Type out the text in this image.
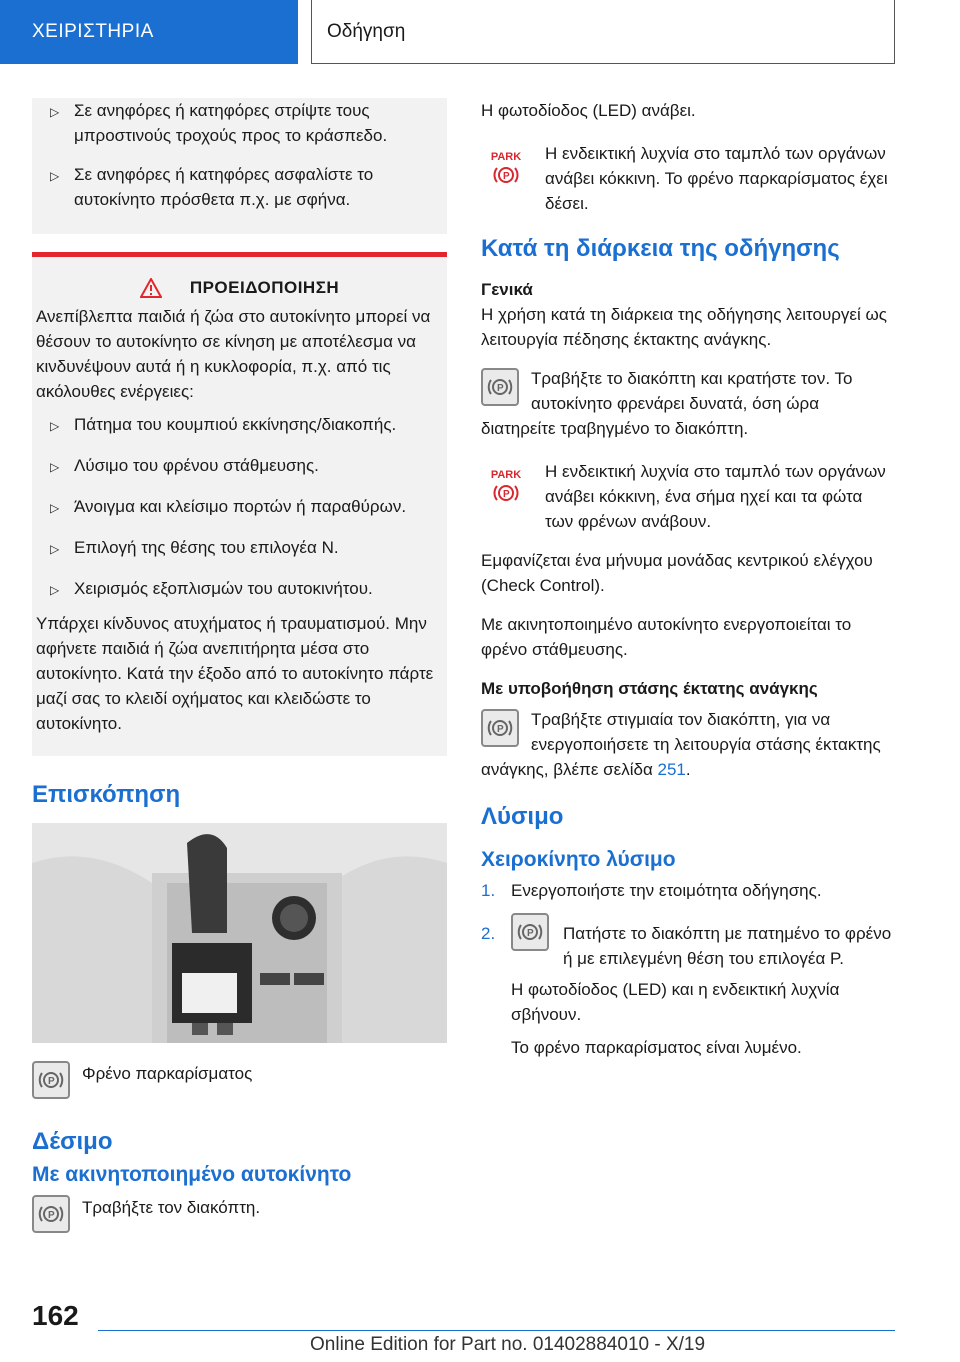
ΧΕΙΡΙΣΤΗΡΙΑ	Οδήγηση
▷ Σε ανηφόρες ή κατηφόρες στρίψτε τους μπροστινούς τροχούς προς το κράσπεδο.
▷ Σε ανηφόρες ή κατηφόρες ασφαλίστε το αυτοκίνητο πρόσθετα π.χ. με σφήνα.
ΠΡΟΕΙΔΟΠΟΙΗΣΗ
Ανεπίβλεπτα παιδιά ή ζώα στο αυτοκίνητο μπορεί να θέσουν το αυτοκίνητο σε κίνηση με αποτέλεσμα να κινδυνέψουν αυτά ή η κυκλοφορία, π.χ. από τις ακόλουθες ενέργειες:
▷ Πάτημα του κουμπιού εκκίνησης/διακοπής.
▷ Λύσιμο του φρένου στάθμευσης.
▷ Άνοιγμα και κλείσιμο πορτών ή παραθύρων.
▷ Επιλογή της θέσης του επιλογέα N.
▷ Χειρισμός εξοπλισμών του αυτοκινήτου.
Υπάρχει κίνδυνος ατυχήματος ή τραυματισμού. Μην αφήνετε παιδιά ή ζώα ανεπιτήρητα μέσα στο αυτοκίνητο. Κατά την έξοδο από το αυτοκίνητο πάρτε μαζί σας το κλειδί οχήματος και κλειδώστε το αυτοκίνητο.
Επισκόπηση
P Φρένο παρκαρίσματος
Δέσιμο
Με ακινητοποιημένο αυτοκίνητο
P Τραβήξτε τον διακόπτη.
Η φωτοδίοδος (LED) ανάβει.
PARK
P
Η ενδεικτική λυχνία στο ταμπλό των οργάνων ανάβει κόκκινη. Το φρένο παρκαρίσματος έχει δέσει.
Κατά τη διάρκεια της οδήγησης
Γενικά
Η χρήση κατά τη διάρκεια της οδήγησης λειτουργεί ως λειτουργία πέδησης έκτακτης ανάγκης.
P
Τραβήξτε το διακόπτη και κρατήστε τον. Το αυτοκίνητο φρενάρει δυνατά, όση ώρα διατηρείτε τραβηγμένο το διακόπτη.
PARK
P
Η ενδεικτική λυχνία στο ταμπλό των οργάνων ανάβει κόκκινη, ένα σήμα ηχεί και τα φώτα των φρένων ανάβουν.
Εμφανίζεται ένα μήνυμα μονάδας κεντρικού ελέγχου (Check Control).
Με ακινητοποιημένο αυτοκίνητο ενεργοποιείται το φρένο στάθμευσης.
Με υποβοήθηση στάσης έκτατης ανάγκης
P
Τραβήξτε στιγμιαία τον διακόπτη, για να ενεργοποιήσετε τη λειτουργία στάσης έκτακτης ανάγκης, βλέπε σελίδα 251.
Λύσιμο
Χειροκίνητο λύσιμο
1. Ενεργοποιήστε την ετοιμότητα οδήγησης.
2.	P Πατήστε το διακόπτη με πατημένο το φρένο ή με επιλεγμένη θέση του επιλογέα P.
Η φωτοδίοδος (LED) και η ενδεικτική λυχνία σβήνουν.
Το φρένο παρκαρίσματος είναι λυμένο.
162
Online Edition for Part no. 01402884010 - X/19
